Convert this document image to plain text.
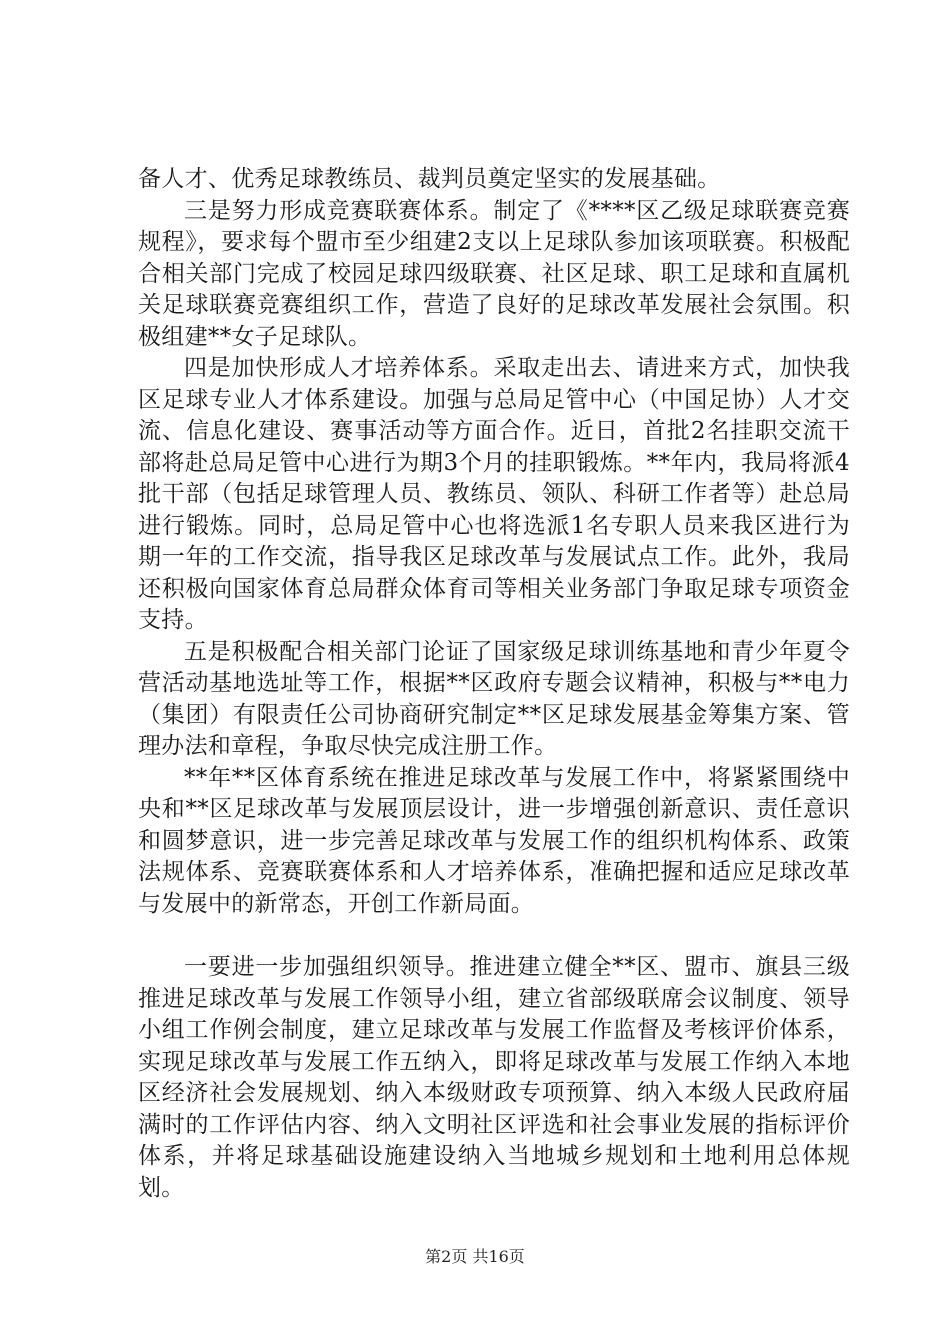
备人才、优秀足球教练员、裁判员奠定坚实的发展基础。

三是努力形成竞赛联赛体系。制定了《****区乙级足球联赛竞赛规程》，要求每个盟市至少组建2支以上足球队参加该项联赛。积极配合相关部门完成了校园足球四级联赛、社区足球、职工足球和直属机关足球联赛竞赛组织工作，营造了良好的足球改革发展社会氛围。积极组建**女子足球队。

四是加快形成人才培养体系。采取走出去、请进来方式，加快我区足球专业人才体系建设。加强与总局足管中心（中国足协）人才交流、信息化建设、赛事活动等方面合作。近日，首批2名挂职交流干部将赴总局足管中心进行为期3个月的挂职锻炼。**年内，我局将派4批干部（包括足球管理人员、教练员、领队、科研工作者等）赴总局进行锻炼。同时，总局足管中心也将选派1名专职人员来我区进行为期一年的工作交流，指导我区足球改革与发展试点工作。此外，我局还积极向国家体育总局群众体育司等相关业务部门争取足球专项资金支持。

五是积极配合相关部门论证了国家级足球训练基地和青少年夏令营活动基地选址等工作，根据**区政府专题会议精神，积极与**电力（集团）有限责任公司协商研究制定**区足球发展基金筹集方案、管理办法和章程，争取尽快完成注册工作。

**年**区体育系统在推进足球改革与发展工作中，将紧紧围绕中央和**区足球改革与发展顶层设计，进一步增强创新意识、责任意识和圆梦意识，进一步完善足球改革与发展工作的组织机构体系、政策法规体系、竞赛联赛体系和人才培养体系，准确把握和适应足球改革与发展中的新常态，开创工作新局面。

一要进一步加强组织领导。推进建立健全**区、盟市、旗县三级推进足球改革与发展工作领导小组，建立省部级联席会议制度、领导小组工作例会制度，建立足球改革与发展工作监督及考核评价体系，实现足球改革与发展工作五纳入，即将足球改革与发展工作纳入本地区经济社会发展规划、纳入本级财政专项预算、纳入本级人民政府届满时的工作评估内容、纳入文明社区评选和社会事业发展的指标评价体系，并将足球基础设施建设纳入当地城乡规划和土地利用总体规划。

第2页 共16页
